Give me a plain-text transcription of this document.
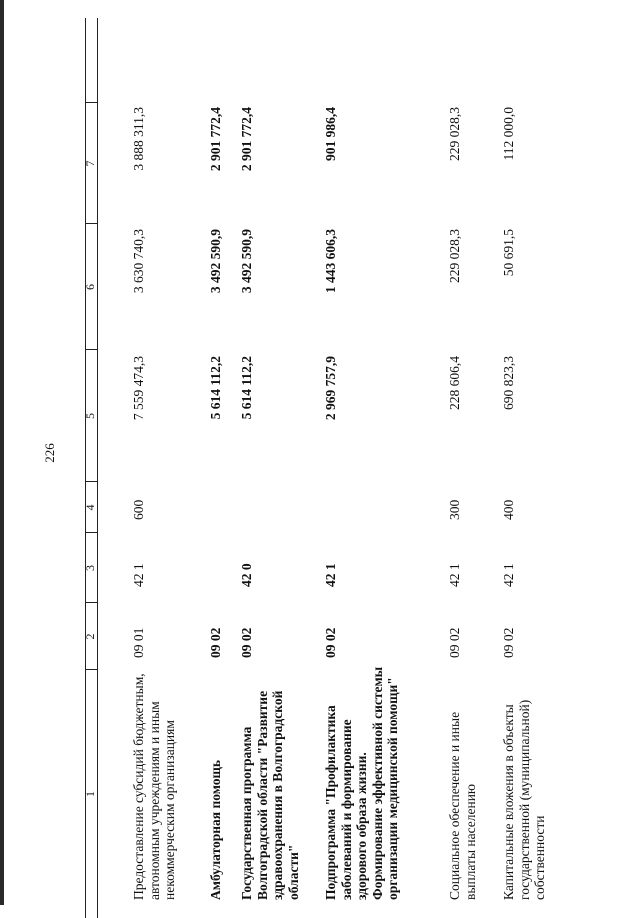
226
1
2
3
4
5
6
7
Предоставление субсидий бюджетным, автономным учреждениям и иным некоммерческим организациям
09 01
42 1
600
7 559 474,3
3 630 740,3
3 888 311,3
Амбулаторная помощь
09 02
5 614 112,2
3 492 590,9
2 901 772,4
Государственная программа Волгоградской области "Развитие здравоохранения в Волгоградской области"
09 02
42 0
5 614 112,2
3 492 590,9
2 901 772,4
Подпрограмма "Профилактика заболеваний и формирование здорового образа жизни. Формирование эффективной системы организации медицинской помощи"
09 02
42 1
2 969 757,9
1 443 606,3
901 986,4
Социальное обеспечение и иные выплаты населению
09 02
42 1
300
228 606,4
229 028,3
229 028,3
Капитальные вложения в объекты государственной (муниципальной) собственности
09 02
42 1
400
690 823,3
50 691,5
112 000,0
